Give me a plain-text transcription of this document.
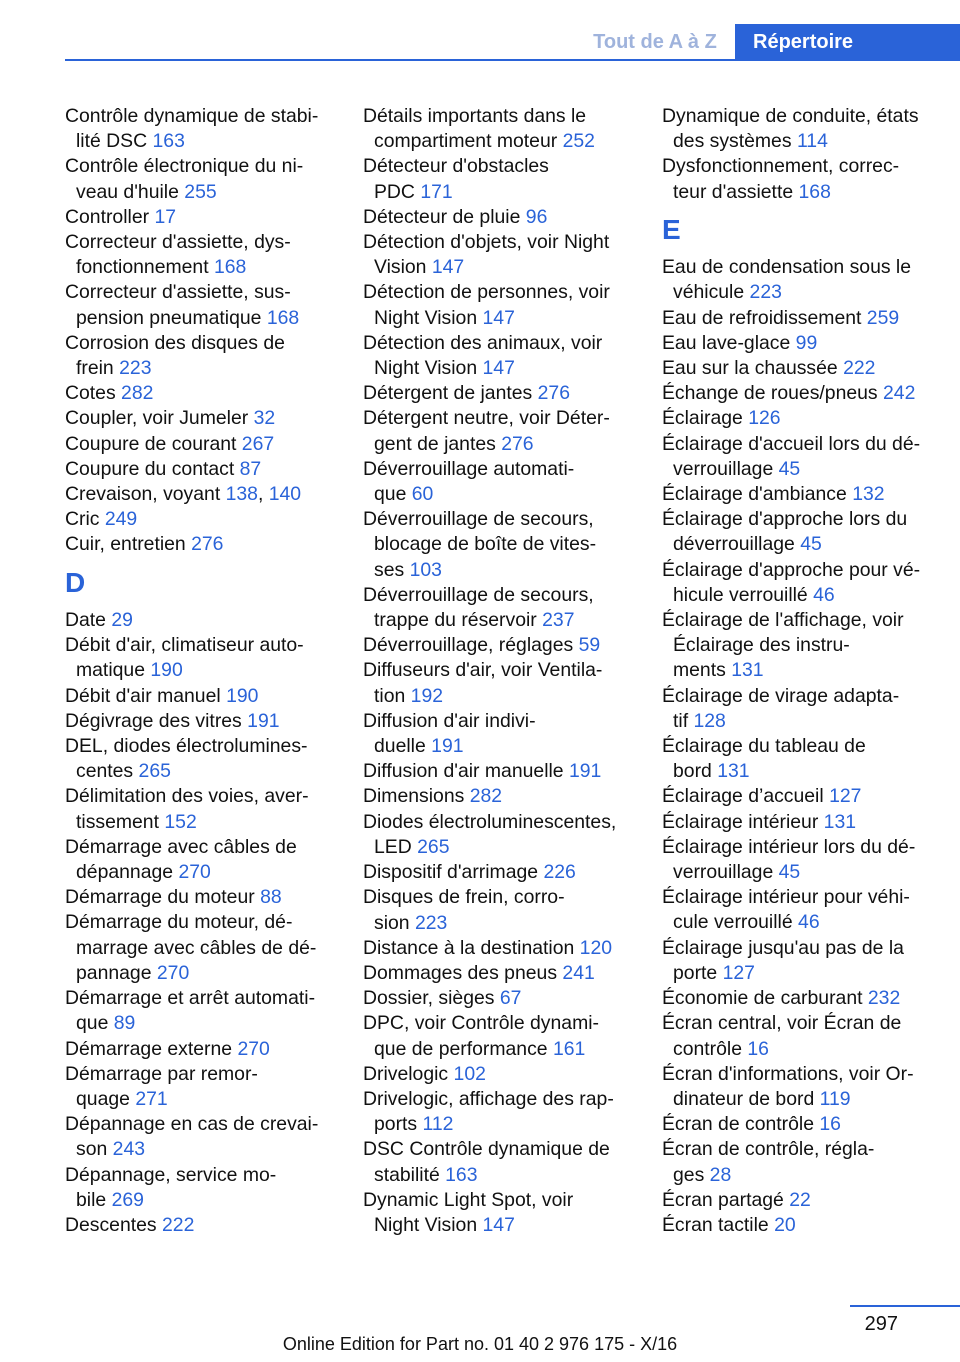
Tout de A à Z	Répertoire
Contrôle dynamique de stabi-
lité DSC 163
Contrôle électronique du ni-
veau d'huile 255
Controller 17
Correcteur d'assiette, dys-
fonctionnement 168
Correcteur d'assiette, sus-
pension pneumatique 168
Corrosion des disques de
frein 223
Cotes 282
Coupler, voir Jumeler 32
Coupure de courant 267
Coupure du contact 87
Crevaison, voyant 138, 140
Cric 249
Cuir, entretien 276
D
Date 29
Débit d'air, climatiseur auto-
matique 190
Débit d'air manuel 190
Dégivrage des vitres 191
DEL, diodes électrolumines-
centes 265
Délimitation des voies, aver-
tissement 152
Démarrage avec câbles de
dépannage 270
Démarrage du moteur 88
Démarrage du moteur, dé-
marrage avec câbles de dé-
pannage 270
Démarrage et arrêt automati-
que 89
Démarrage externe 270
Démarrage par remor-
quage 271
Dépannage en cas de crevai-
son 243
Dépannage, service mo-
bile 269
Descentes 222
Détails importants dans le
compartiment moteur 252
Détecteur d'obstacles
PDC 171
Détecteur de pluie 96
Détection d'objets, voir Night
Vision 147
Détection de personnes, voir
Night Vision 147
Détection des animaux, voir
Night Vision 147
Détergent de jantes 276
Détergent neutre, voir Déter-
gent de jantes 276
Déverrouillage automati-
que 60
Déverrouillage de secours,
blocage de boîte de vites-
ses 103
Déverrouillage de secours,
trappe du réservoir 237
Déverrouillage, réglages 59
Diffuseurs d'air, voir Ventila-
tion 192
Diffusion d'air indivi-
duelle 191
Diffusion d'air manuelle 191
Dimensions 282
Diodes électroluminescentes,
LED 265
Dispositif d'arrimage 226
Disques de frein, corro-
sion 223
Distance à la destination 120
Dommages des pneus 241
Dossier, sièges 67
DPC, voir Contrôle dynami-
que de performance 161
Drivelogic 102
Drivelogic, affichage des rap-
ports 112
DSC Contrôle dynamique de
stabilité 163
Dynamic Light Spot, voir
Night Vision 147
Dynamique de conduite, états
des systèmes 114
Dysfonctionnement, correc-
teur d'assiette 168
E
Eau de condensation sous le
véhicule 223
Eau de refroidissement 259
Eau lave-glace 99
Eau sur la chaussée 222
Échange de roues/pneus 242
Éclairage 126
Éclairage d'accueil lors du dé-
verrouillage 45
Éclairage d'ambiance 132
Éclairage d'approche lors du
déverrouillage 45
Éclairage d'approche pour vé-
hicule verrouillé 46
Éclairage de l'affichage, voir
Éclairage des instru-
ments 131
Éclairage de virage adapta-
tif 128
Éclairage du tableau de
bord 131
Éclairage d’accueil 127
Éclairage intérieur 131
Éclairage intérieur lors du dé-
verrouillage 45
Éclairage intérieur pour véhi-
cule verrouillé 46
Éclairage jusqu'au pas de la
porte 127
Économie de carburant 232
Écran central, voir Écran de
contrôle 16
Écran d'informations, voir Or-
dinateur de bord 119
Écran de contrôle 16
Écran de contrôle, régla-
ges 28
Écran partagé 22
Écran tactile 20
297
Online Edition for Part no. 01 40 2 976 175 - X/16
